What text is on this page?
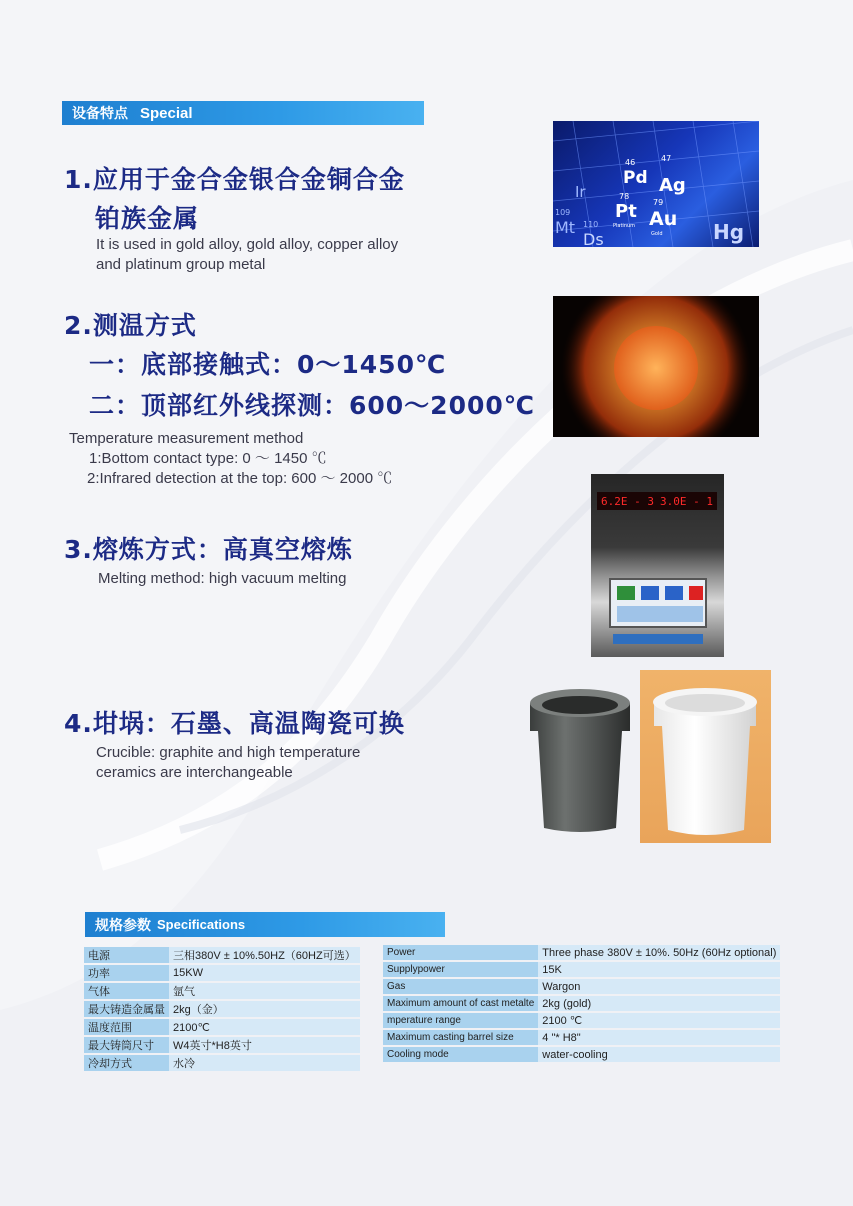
设备特点 Special
1.应用于金合金银合金铜合金
铂族金属
It is used in gold alloy, gold alloy, copper alloy
and platinum group metal
46
Pd
47
Ag
78
Pt 79
Au
Platinum
Gold
Ir
Hg
109
Mt 110
Ds
2.测温方式
一：底部接触式：0～1450℃
二：顶部红外线探测：600～2000℃
Temperature measurement method
1:Bottom contact type: 0 ～ 1450 ℃
2:Infrared detection at the top: 600 ～ 2000 ℃
3.熔炼方式：高真空熔炼
Melting method: high vacuum melting
6.2E - 3 3.0E - 1
4.坩埚：石墨、高温陶瓷可换
Crucible: graphite and high temperature
ceramics are interchangeable
规格参数 Specifications
电源		三相380V ± 10%.50HZ（60HZ可选）
功率		15KW
气体		氩气
最大铸造金属量		2kg（金）
温度范围		2100℃
最大铸筒尺寸		W4英寸*H8英寸
冷却方式		水冷
Power		Three phase 380V ± 10%. 50Hz (60Hz optional)
Supplypower		15K
Gas		Wargon
Maximum amount of cast metalte		2kg (gold)
mperature range		2100 ℃
Maximum casting barrel size		4 "* H8"
Cooling mode		water-cooling
